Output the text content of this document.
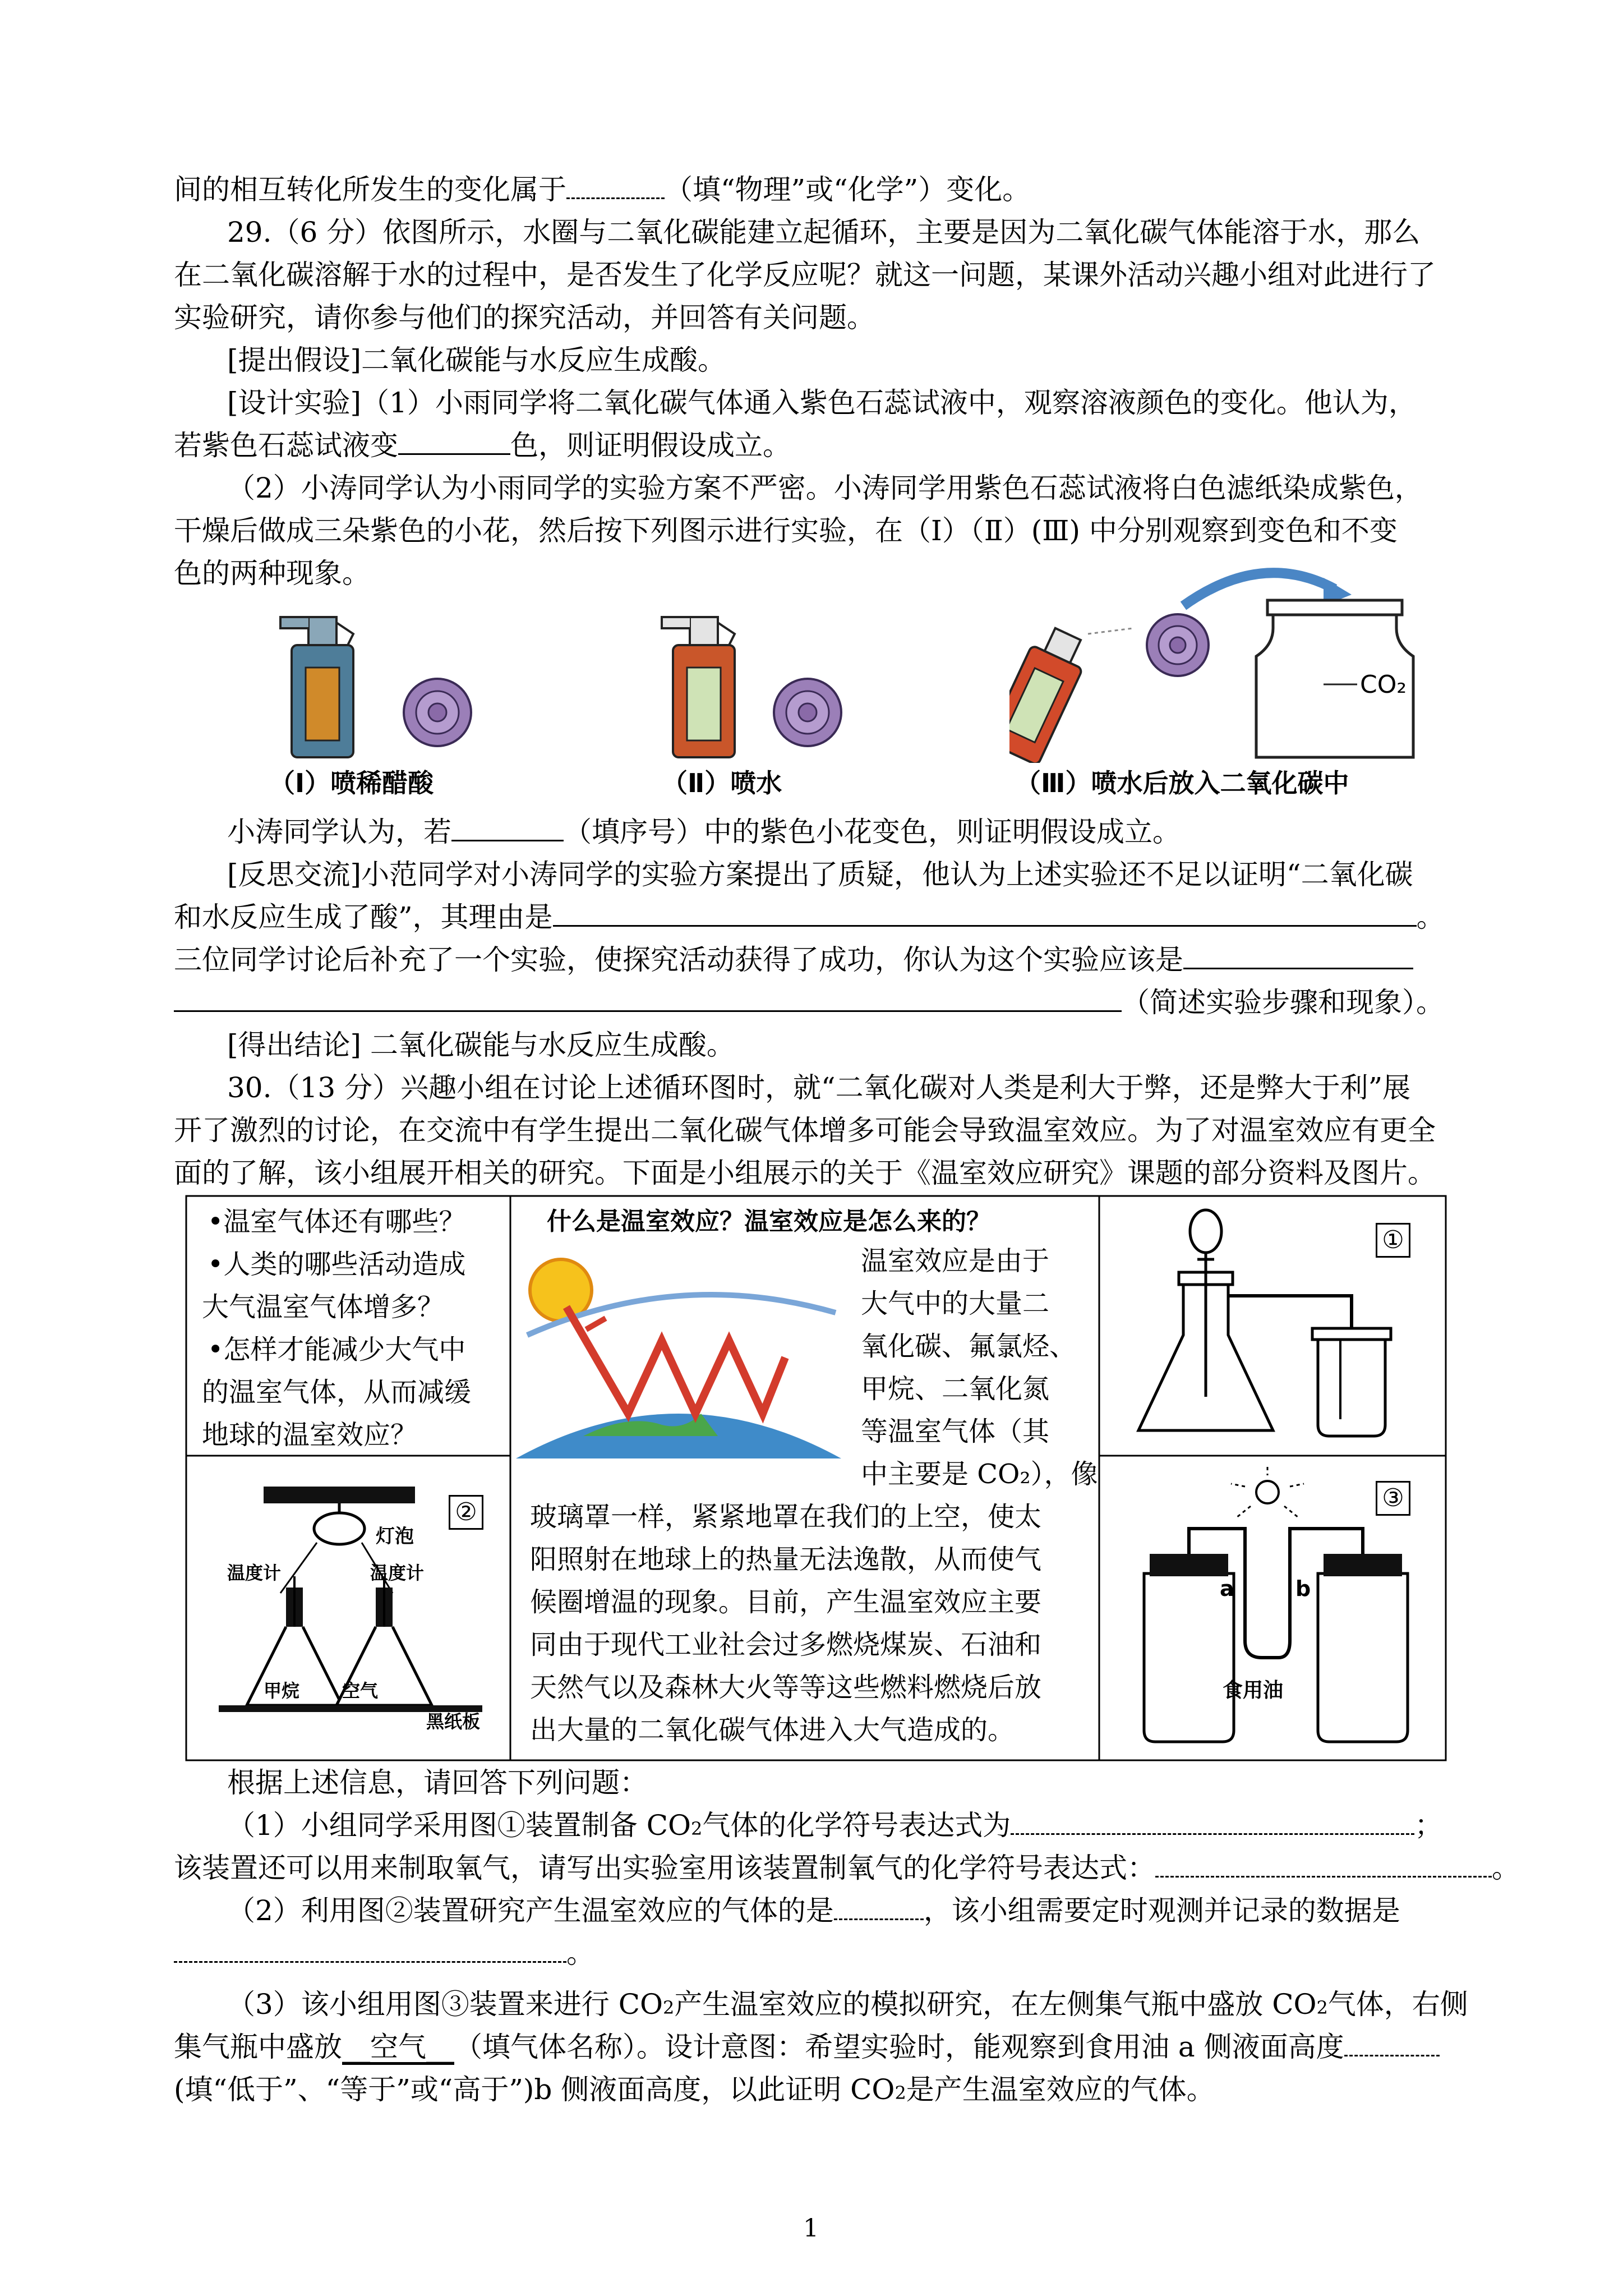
间的相互转化所发生的变化属于	（填“物理”或“化学”）变化。
29.（6 分）依图所示，水圈与二氧化碳能建立起循环，主要是因为二氧化碳气体能溶于水，那么
在二氧化碳溶解于水的过程中，是否发生了化学反应呢？就这一问题，某课外活动兴趣小组对此进行了
实验研究，请你参与他们的探究活动，并回答有关问题。
[提出假设]二氧化碳能与水反应生成酸。
[设计实验]（1）小雨同学将二氧化碳气体通入紫色石蕊试液中，观察溶液颜色的变化。他认为，
若紫色石蕊试液变	色，则证明假设成立。
（2）小涛同学认为小雨同学的实验方案不严密。小涛同学用紫色石蕊试液将白色滤纸染成紫色，
干燥后做成三朵紫色的小花，然后按下列图示进行实验，在（Ⅰ）（Ⅱ）(Ⅲ) 中分别观察到变色和不变
色的两种现象。
（Ⅰ）喷稀醋酸	（Ⅱ）喷水
CO₂
（Ⅲ）喷水后放入二氧化碳中
小涛同学认为，若	（填序号）中的紫色小花变色，则证明假设成立。
[反思交流]小范同学对小涛同学的实验方案提出了质疑，他认为上述实验还不足以证明“二氧化碳
和水反应生成了酸”，其理由是	。
三位同学讨论后补充了一个实验，使探究活动获得了成功，你认为这个实验应该是
（简述实验步骤和现象）。
[得出结论] 二氧化碳能与水反应生成酸。
30.（13 分）兴趣小组在讨论上述循环图时，就“二氧化碳对人类是利大于弊，还是弊大于利”展
开了激烈的讨论，在交流中有学生提出二氧化碳气体增多可能会导致温室效应。为了对温室效应有更全
面的了解，该小组展开相关的研究。下面是小组展示的关于《温室效应研究》课题的部分资料及图片。
•温室气体还有哪些？
•人类的哪些活动造成
大气温室气体增多？
•怎样才能减少大气中
的温室气体，从而减缓
地球的温室效应？
什么是温室效应？温室效应是怎么来的？
温室效应是由于
大气中的大量二
氧化碳、氟氯烃、
甲烷、二氧化氮
等温室气体（其
中主要是 CO₂），像
玻璃罩一样，紧紧地罩在我们的上空，使太
阳照射在地球上的热量无法逸散，从而使气
候圈增温的现象。目前，产生温室效应主要
同由于现代工业社会过多燃烧煤炭、石油和
天然气以及森林大火等等这些燃料燃烧后放
出大量的二氧化碳气体进入大气造成的。
①
②
灯泡
温度计	温度计
甲烷 空气
黑纸板
③
a	b
食用油
根据上述信息，请回答下列问题：
（1）小组同学采用图①装置制备 CO2气体的化学符号表达式为	；
该装置还可以用来制取氧气，请写出实验室用该装置制氧气的化学符号表达式：	。
（2）利用图②装置研究产生温室效应的气体的是	，该小组需要定时观测并记录的数据是
。
（3）该小组用图③装置来进行 CO2产生温室效应的模拟研究，在左侧集气瓶中盛放 CO2气体，右侧
集气瓶中盛放__空气__（填气体名称）。设计意图：希望实验时，能观察到食用油 a 侧液面高度
(填“低于”、“等于”或“高于”)b 侧液面高度，以此证明 CO2是产生温室效应的气体。
1
